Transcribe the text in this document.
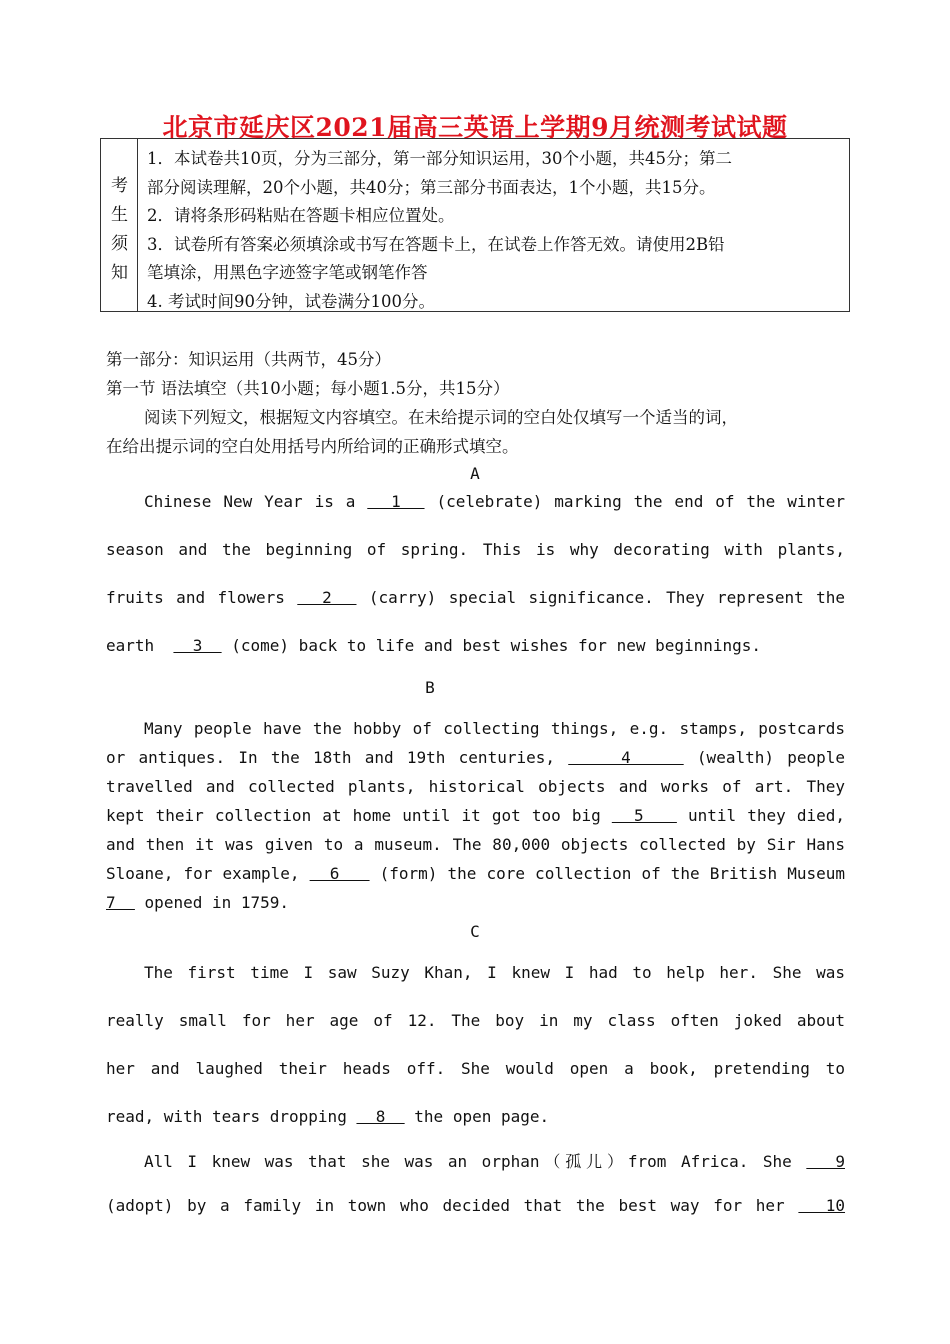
北京市延庆区2021届高三英语上学期9月统测考试试题
考
生
须
知
1．本试卷共10页，分为三部分，第一部分知识运用，30个小题，共45分；第二
部分阅读理解，20个小题，共40分；第三部分书面表达，1个小题，共15分。
2．请将条形码粘贴在答题卡相应位置处。
3．试卷所有答案必须填涂或书写在答题卡上，在试卷上作答无效。请使用2B铅
笔填涂，用黑色字迹签字笔或钢笔作答
4. 考试时间90分钟，试卷满分100分。
第一部分：知识运用（共两节，45分）
第一节 语法填空（共10小题；每小题1.5分，共15分）
阅读下列短文，根据短文内容填空。在未给提示词的空白处仅填写一个适当的词，
在给出提示词的空白处用括号内所给词的正确形式填空。
A
Chinese New Year is a   1   (celebrate) marking the end of the winter
season and the beginning of spring. This is why decorating with plants,
fruits and flowers   2   (carry) special significance. They represent the
earth    3   (come) back to life and best wishes for new beginnings.
B
Many people have the hobby of collecting things, e.g. stamps, postcards
or antiques. In the 18th and 19th centuries,     4     (wealth) people
travelled and collected plants, historical objects and works of art. They
kept their collection at home until it got too big   5    until they died,
and then it was given to a museum. The 80,000 objects collected by Sir Hans
Sloane, for example,   6    (form) the core collection of the British Museum
7   opened in 1759.
C
The first time I saw Suzy Khan, I knew I had to help her. She was
really small for her age of 12. The boy in my class often joked about
her and laughed their heads off. She would open a book, pretending to
read, with tears dropping   8   the open page.
All I knew was that she was an orphan（孤儿）from Africa. She   9
(adopt) by a family in town who decided that the best way for her   10
